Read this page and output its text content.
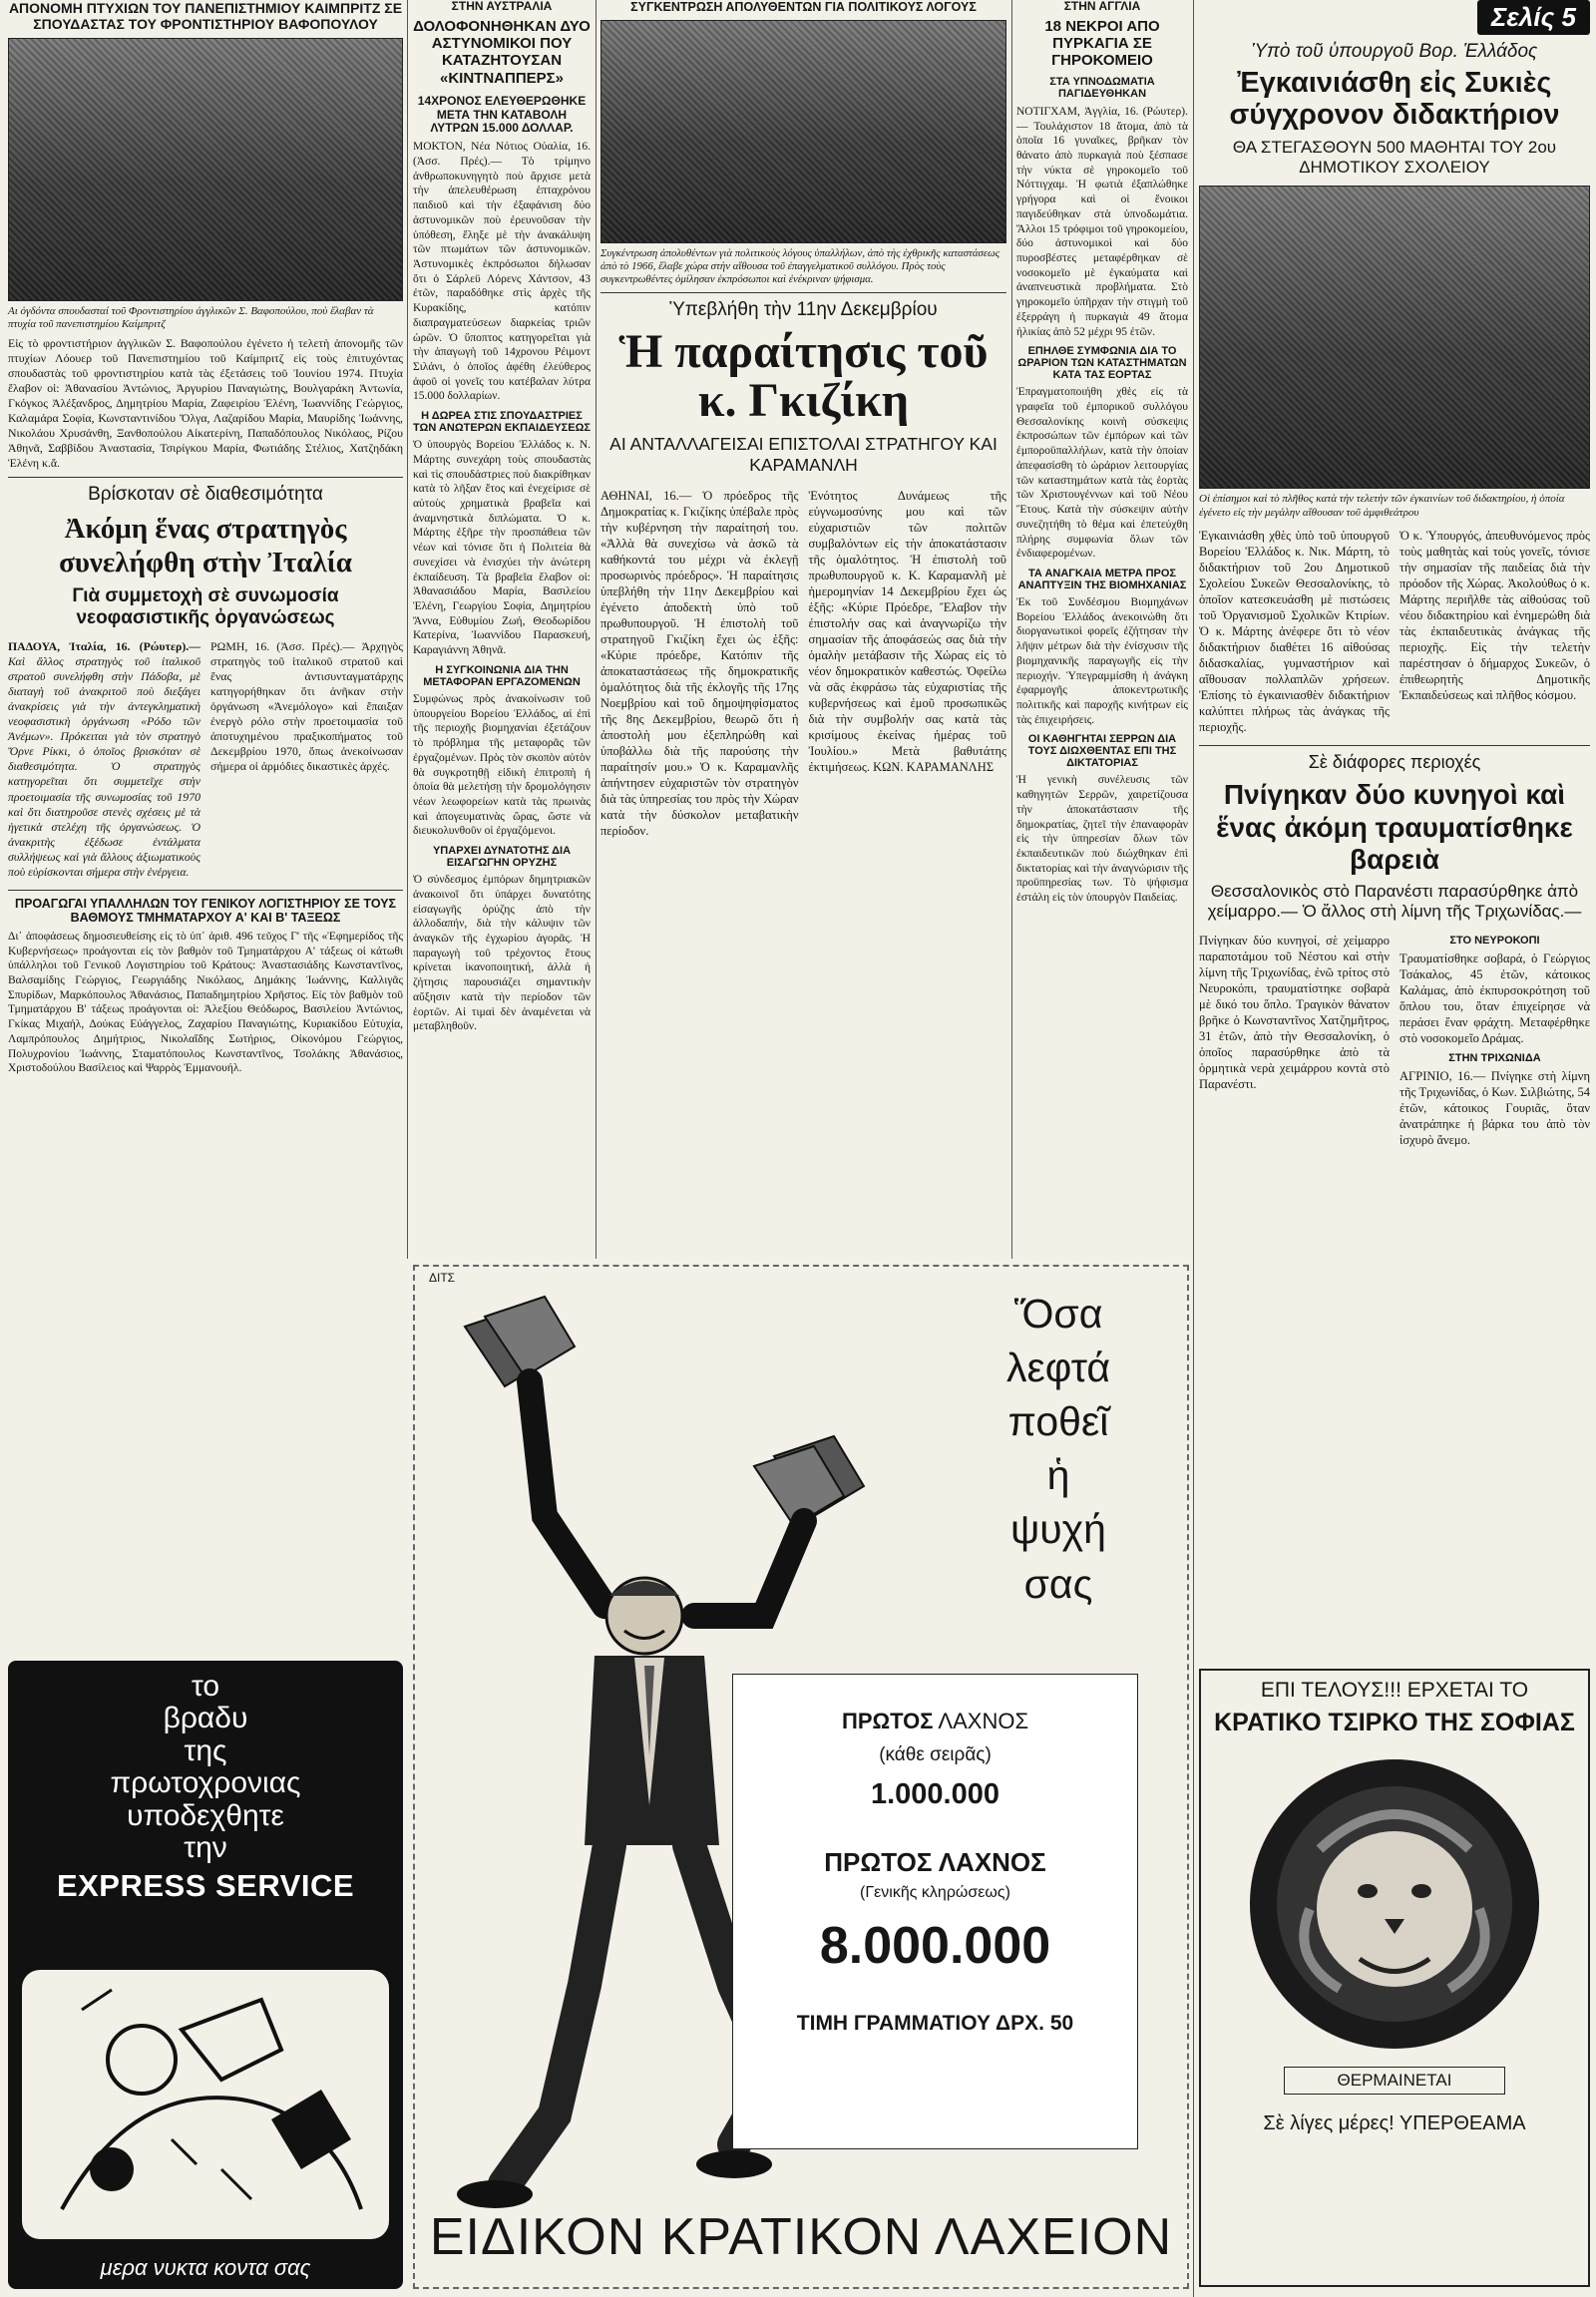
ΑΠΟΝΟΜΗ ΠΤΥΧΙΩΝ ΤΟΥ ΠΑΝΕΠΙΣΤΗΜΙΟΥ ΚΑΙΜΠΡΙΤΖ ΣΕ ΣΠΟΥΔΑΣΤΑΣ ΤΟΥ ΦΡΟΝΤΙΣΤΗΡΙΟΥ ΒΑΦΟΠΟΥΛΟΥ
Αι ὀγδόντα σπουδασταί τοῦ Φροντιστηρίου ἀγγλικῶν Σ. Βαφοπούλου, ποὺ ἔλαβαν τὰ πτυχία τοῦ πανεπιστημίου Καίμπριτζ
Εἰς τὸ φροντιστήριον ἀγγλικῶν Σ. Βαφοπούλου ἐγένετο ἡ τελετὴ ἀπονομῆς τῶν πτυχίων Λόουερ τοῦ Πανεπιστημίου τοῦ Καίμπριτζ εἰς τοὺς ἐπιτυχόντας σπουδαστὰς τοῦ φροντιστηρίου κατὰ τὰς ἐξετάσεις τοῦ Ἰουνίου 1974. Πτυχία ἔλαβον οἱ: Ἀθανασίου Ἀντώνιος, Ἀργυρίου Παναγιώτης, Βουλγαράκη Ἀντωνία, Γκόγκος Ἀλέξανδρος, Δημητρίου Μαρία, Ζαφειρίου Ἑλένη, Ἰωαννίδης Γεώργιος, Καλαμάρα Σοφία, Κωνσταντινίδου Ὄλγα, Λαζαρίδου Μαρία, Μαυρίδης Ἰωάννης, Νικολάου Χρυσάνθη, Ξανθοπούλου Αἰκατερίνη, Παπαδόπουλος Νικόλαος, Ρίζου Ἀθηνᾶ, Σαββίδου Ἀναστασία, Τσιρίγκου Μαρία, Φωτιάδης Στέλιος, Χατζηδάκη Ἑλένη κ.ἄ.
Βρίσκοταν σὲ διαθεσιμότητα
Ἀκόμη ἕνας στρατηγὸς συνελήφθη στὴν Ἰταλία
Γιὰ συμμετοχὴ σὲ συνωμοσία νεοφασιστικῆς ὀργανώσεως
ΠΑΔΟΥΑ, Ἰταλία, 16. (Ρώυτερ).— Καὶ ἄλλος στρατηγὸς τοῦ ἰταλικοῦ στρατοῦ συνελήφθη στὴν Πάδοβα, μὲ διαταγὴ τοῦ ἀνακριτοῦ ποὺ διεξάγει ἀνακρίσεις γιὰ τὴν ἀντεγκληματικὴ νεοφασιστικὴ ὀργάνωση «Ρόδο τῶν Ἀνέμων». Πρόκειται γιὰ τὸν στρατηγὸ Ὄρνε Ρίκκι, ὁ ὁποῖος βρισκόταν σὲ διαθεσιμότητα. Ὁ στρατηγὸς κατηγορεῖται ὅτι συμμετεῖχε στὴν προετοιμασία τῆς συνωμοσίας τοῦ 1970 καὶ ὅτι διατηροῦσε στενὲς σχέσεις μὲ τὰ ἡγετικὰ στελέχη τῆς ὀργανώσεως. Ὁ ἀνακριτὴς ἐξέδωσε ἐντάλματα συλλήψεως καὶ γιὰ ἄλλους ἀξιωματικοὺς ποὺ εὑρίσκονται σήμερα στὴν ἐνέργεια.
ΡΩΜΗ, 16. (Ἀσσ. Πρές).— Ἀρχηγὸς στρατηγὸς τοῦ ἰταλικοῦ στρατοῦ καὶ ἕνας ἀντισυνταγματάρχης κατηγορήθηκαν ὅτι ἀνῆκαν στὴν ὀργάνωση «Ἀνεμόλογο» καὶ ἔπαιξαν ἐνεργὸ ρόλο στὴν προετοιμασία τοῦ ἀποτυχημένου πραξικοπήματος τοῦ Δεκεμβρίου 1970, ὅπως ἀνεκοίνωσαν σήμερα οἱ ἀρμόδιες δικαστικὲς ἀρχές.
ΠΡΟΑΓΩΓΑΙ ΥΠΑΛΛΗΛΩΝ ΤΟΥ ΓΕΝΙΚΟΥ ΛΟΓΙΣΤΗΡΙΟΥ ΣΕ ΤΟΥΣ ΒΑΘΜΟΥΣ ΤΜΗΜΑΤΑΡΧΟΥ Α' ΚΑΙ Β' ΤΑΞΕΩΣ
Δι᾿ ἀποφάσεως δημοσιευθείσης εἰς τὸ ὑπ᾿ ἀριθ. 496 τεῦχος Γ' τῆς «Ἐφημερίδος τῆς Κυβερνήσεως» προάγονται εἰς τὸν βαθμὸν τοῦ Τμηματάρχου Α' τάξεως οἱ κάτωθι ὑπάλληλοι τοῦ Γενικοῦ Λογιστηρίου τοῦ Κράτους: Ἀναστασιάδης Κωνσταντῖνος, Βαλσαμίδης Γεώργιος, Γεωργιάδης Νικόλαος, Δημάκης Ἰωάννης, Καλλιγᾶς Σπυρίδων, Μαρκόπουλος Ἀθανάσιος, Παπαδημητρίου Χρῆστος. Εἰς τὸν βαθμὸν τοῦ Τμηματάρχου Β' τάξεως προάγονται οἱ: Ἀλεξίου Θεόδωρος, Βασιλείου Ἀντώνιος, Γκίκας Μιχαήλ, Δούκας Εὐάγγελος, Ζαχαρίου Παναγιώτης, Κυριακίδου Εὐτυχία, Λαμπρόπουλος Δημήτριος, Νικολαΐδης Σωτήριος, Οἰκονόμου Γεώργιος, Πολυχρονίου Ἰωάννης, Σταματόπουλος Κωνσταντῖνος, Τσολάκης Ἀθανάσιος, Χριστοδούλου Βασίλειος καὶ Ψαρρὸς Ἐμμανουήλ.
το
βραδυ
της
πρωτοχρονιας
υποδεχθητε
την
EXPRESS SERVICE
μερα νυκτα κοντα σας
ΣΤΗΝ ΑΥΣΤΡΑΛΙΑ
ΔΟΛΟΦΟΝΗΘΗΚΑΝ ΔΥΟ ΑΣΤΥΝΟΜΙΚΟΙ ΠΟΥ ΚΑΤΑΖΗΤΟΥΣΑΝ «ΚΙΝΤΝΑΠΠΕΡΣ»
14ΧΡΟΝΟΣ ΕΛΕΥΘΕΡΩΘΗΚΕ ΜΕΤΑ ΤΗΝ ΚΑΤΑΒΟΛΗ ΛΥΤΡΩΝ 15.000 ΔΟΛΛΑΡ.
ΜΟΚΤΟΝ, Νέα Νότιος Οὐαλία, 16. (Ἀσσ. Πρές).— Τὸ τρίμηνο ἀνθρωποκυνηγητὸ ποὺ ἄρχισε μετὰ τὴν ἀπελευθέρωση ἑπταχρόνου παιδιοῦ καὶ τὴν ἐξαφάνιση δύο ἀστυνομικῶν ποὺ ἐρευνοῦσαν τὴν ὑπόθεση, ἔληξε μὲ τὴν ἀνακάλυψη τῶν πτωμάτων τῶν ἀστυνομικῶν. Ἀστυνομικὲς ἐκπρόσωποι δήλωσαν ὅτι ὁ Σάρλεϋ Λόρενς Χάντσον, 43 ἐτῶν, παραδόθηκε στὶς ἀρχὲς τῆς Κυρακίδης, κατόπιν διαπραγματεύσεων διαρκείας τριῶν ὡρῶν. Ὁ ὕποπτος κατηγορεῖται γιὰ τὴν ἀπαγωγὴ τοῦ 14χρονου Ρέιμοντ Σιλάνι, ὁ ὁποῖος ἀφέθη ἐλεύθερος ἀφοῦ οἱ γονεῖς του κατέβαλαν λύτρα 15.000 δολλαρίων.
Η ΔΩΡΕΑ ΣΤΙΣ ΣΠΟΥΔΑΣΤΡΙΕΣ ΤΩΝ ΑΝΩΤΕΡΩΝ ΕΚΠΑΙΔΕΥΣΕΩΣ
Ὁ ὑπουργὸς Βορείου Ἑλλάδος κ. Ν. Μάρτης συνεχάρη τοὺς σπουδαστὰς καὶ τὶς σπουδάστριες ποὺ διακρίθηκαν κατὰ τὸ λῆξαν ἔτος καὶ ἐνεχείρισε σὲ αὐτοὺς χρηματικὰ βραβεῖα καὶ ἀναμνηστικὰ διπλώματα. Ὁ κ. Μάρτης ἐξῆρε τὴν προσπάθεια τῶν νέων καὶ τόνισε ὅτι ἡ Πολιτεία θὰ συνεχίσει νὰ ἐνισχύει τὴν ἀνώτερη ἐκπαίδευση. Τὰ βραβεῖα ἔλαβον οἱ: Ἀθανασιάδου Μαρία, Βασιλείου Ἑλένη, Γεωργίου Σοφία, Δημητρίου Ἄννα, Εὐθυμίου Ζωή, Θεοδωρίδου Κατερίνα, Ἰωαννίδου Παρασκευή, Καραγιάννη Ἀθηνᾶ.
Η ΣΥΓΚΟΙΝΩΝΙΑ ΔΙΑ ΤΗΝ ΜΕΤΑΦΟΡΑΝ ΕΡΓΑΖΟΜΕΝΩΝ
Συμφώνως πρὸς ἀνακοίνωσιν τοῦ ὑπουργείου Βορείου Ἑλλάδος, αἱ ἐπὶ τῆς περιοχῆς βιομηχανίαι ἐξετάζουν τὸ πρόβλημα τῆς μεταφορᾶς τῶν ἐργαζομένων. Πρὸς τὸν σκοπὸν αὐτὸν θὰ συγκροτηθῇ εἰδικὴ ἐπιτροπὴ ἡ ὁποία θὰ μελετήσῃ τὴν δρομολόγησιν νέων λεωφορείων κατὰ τὰς πρωινὰς καὶ ἀπογευματινὰς ὥρας, ὥστε νὰ διευκολυνθοῦν οἱ ἐργαζόμενοι.
ΥΠΑΡΧΕΙ ΔΥΝΑΤΟΤΗΣ ΔΙΑ ΕΙΣΑΓΩΓΗΝ ΟΡΥΖΗΣ
Ὁ σύνδεσμος ἐμπόρων δημητριακῶν ἀνακοινοῖ ὅτι ὑπάρχει δυνατότης εἰσαγωγῆς ὀρύζης ἀπὸ τὴν ἀλλοδαπήν, διὰ τὴν κάλυψιν τῶν ἀναγκῶν τῆς ἐγχωρίου ἀγορᾶς. Ἡ παραγωγὴ τοῦ τρέχοντος ἔτους κρίνεται ἱκανοποιητική, ἀλλὰ ἡ ζήτησις παρουσιάζει σημαντικὴν αὔξησιν κατὰ τὴν περίοδον τῶν ἑορτῶν. Αἱ τιμαὶ δὲν ἀναμένεται νὰ μεταβληθοῦν.
ΣΥΓΚΕΝΤΡΩΣΗ ΑΠΟΛΥΘΕΝΤΩΝ ΓΙΑ ΠΟΛΙΤΙΚΟΥΣ ΛΟΓΟΥΣ
Συγκέντρωση ἀπολυθέντων γιὰ πολιτικοὺς λόγους ὑπαλλήλων, ἀπὸ τὴς ἐχθρικῆς καταστάσεως ἀπὸ τὸ 1966, ἔλαβε χώρα στὴν αἴθουσα τοῦ ἐπαγγελματικοῦ συλλόγου. Πρὸς τοὺς συγκεντρωθέντες ὁμίλησαν ἐκπρόσωποι καὶ ἐνέκριναν ψήφισμα.
Ὑπεβλήθη τὴν 11ην Δεκεμβρίου
Ἡ παραίτησις τοῦ κ. Γκιζίκη
ΑΙ ΑΝΤΑΛΛΑΓΕΙΣΑΙ ΕΠΙΣΤΟΛΑΙ ΣΤΡΑΤΗΓΟΥ ΚΑΙ ΚΑΡΑΜΑΝΛΗ
ΑΘΗΝΑΙ, 16.— Ὁ πρόεδρος τῆς Δημοκρατίας κ. Γκιζίκης ὑπέβαλε πρὸς τὴν κυβέρνηση τὴν παραίτησή του. «Ἀλλὰ θὰ συνεχίσω νὰ ἀσκῶ τὰ καθήκοντά του μέχρι νὰ ἐκλεγῇ προσωρινὸς πρόεδρος». Ἡ παραίτησις ὑπεβλήθη τὴν 11ην Δεκεμβρίου καὶ ἐγένετο ἀποδεκτὴ ὑπὸ τοῦ πρωθυπουργοῦ. Ἡ ἐπιστολὴ τοῦ στρατηγοῦ Γκιζίκη ἔχει ὡς ἑξῆς: «Κύριε πρόεδρε, Κατόπιν τῆς ἀποκαταστάσεως τῆς δημοκρατικῆς ὁμαλότητος διὰ τῆς ἐκλογῆς τῆς 17ης Νοεμβρίου καὶ τοῦ δημοψηφίσματος τῆς 8ης Δεκεμβρίου, θεωρῶ ὅτι ἡ ἀποστολὴ μου ἐξεπληρώθη καὶ ὑποβάλλω διὰ τῆς παρούσης τὴν παραίτησίν μου.» Ὁ κ. Καραμανλῆς ἀπήντησεν εὐχαριστῶν τὸν στρατηγὸν διὰ τὰς ὑπηρεσίας του πρὸς τὴν Χώραν κατὰ τὴν δύσκολον μεταβατικὴν περίοδον.
Ἐνότητος Δυνάμεως τῆς εὐγνωμοσύνης μου καὶ τῶν εὐχαριστιῶν τῶν πολιτῶν συμβαλόντων εἰς τὴν ἀποκατάστασιν τῆς ὁμαλότητος. Ἡ ἐπιστολὴ τοῦ πρωθυπουργοῦ κ. Κ. Καραμανλῆ μὲ ἡμερομηνίαν 14 Δεκεμβρίου ἔχει ὡς ἑξῆς: «Κύριε Πρόεδρε, Ἔλαβον τὴν ἐπιστολήν σας καὶ ἀναγνωρίζω τὴν σημασίαν τῆς ἀποφάσεώς σας διὰ τὴν ὁμαλὴν μετάβασιν τῆς Χώρας εἰς τὸ νέον δημοκρατικὸν καθεστώς. Ὀφείλω νὰ σᾶς ἐκφράσω τὰς εὐχαριστίας τῆς κυβερνήσεως καὶ ἐμοῦ προσωπικῶς διὰ τὴν συμβολήν σας κατὰ τὰς κρισίμους ἐκείνας ἡμέρας τοῦ Ἰουλίου.» Μετὰ βαθυτάτης ἐκτιμήσεως. ΚΩΝ. ΚΑΡΑΜΑΝΛΗΣ
ΣΤΗΝ ΑΓΓΛΙΑ
18 ΝΕΚΡΟΙ ΑΠΟ ΠΥΡΚΑΓΙΑ ΣΕ ΓΗΡΟΚΟΜΕΙΟ
ΣΤΑ ΥΠΝΟΔΩΜΑΤΙΑ ΠΑΓΙΔΕΥΘΗΚΑΝ
ΝΟΤΙΓΧΑΜ, Ἀγγλία, 16. (Ρώυτερ).— Τουλάχιστον 18 ἄτομα, ἀπὸ τὰ ὁποῖα 16 γυναῖκες, βρῆκαν τὸν θάνατο ἀπὸ πυρκαγιὰ ποὺ ξέσπασε τὴν νύκτα σὲ γηροκομεῖο τοῦ Νόττιγχαμ. Ἡ φωτιὰ ἐξαπλώθηκε γρήγορα καὶ οἱ ἔνοικοι παγιδεύθηκαν στὰ ὑπνοδωμάτια. Ἄλλοι 15 τρόφιμοι τοῦ γηροκομείου, δύο ἀστυνομικοὶ καὶ δύο πυροσβέστες μεταφέρθηκαν σὲ νοσοκομεῖο μὲ ἐγκαύματα καὶ ἀναπνευστικὰ προβλήματα. Στὸ γηροκομεῖο ὑπῆρχαν τὴν στιγμὴ τοῦ ἐξερράγη ἡ πυρκαγιὰ 49 ἄτομα ἡλικίας ἀπὸ 52 μέχρι 95 ἐτῶν.
ΕΠΗΛΘΕ ΣΥΜΦΩΝΙΑ ΔΙΑ ΤΟ ΩΡΑΡΙΟΝ ΤΩΝ ΚΑΤΑΣΤΗΜΑΤΩΝ ΚΑΤΑ ΤΑΣ ΕΟΡΤΑΣ
Ἐπραγματοποιήθη χθὲς εἰς τὰ γραφεῖα τοῦ ἐμπορικοῦ συλλόγου Θεσσαλονίκης κοινὴ σύσκεψις ἐκπροσώπων τῶν ἐμπόρων καὶ τῶν ἐμποροϋπαλλήλων, κατὰ τὴν ὁποίαν ἀπεφασίσθη τὸ ὡράριον λειτουργίας τῶν καταστημάτων κατὰ τὰς ἑορτὰς τῶν Χριστουγέννων καὶ τοῦ Νέου Ἔτους. Κατὰ τὴν σύσκεψιν αὐτὴν συνεζητήθη τὸ θέμα καὶ ἐπετεύχθη πλήρης συμφωνία ὅλων τῶν ἐνδιαφερομένων.
ΤΑ ΑΝΑΓΚΑΙΑ ΜΕΤΡΑ ΠΡΟΣ ΑΝΑΠΤΥΞΙΝ ΤΗΣ ΒΙΟΜΗΧΑΝΙΑΣ
Ἐκ τοῦ Συνδέσμου Βιομηχάνων Βορείου Ἑλλάδος ἀνεκοινώθη ὅτι διοργανωτικοὶ φορεῖς ἐζήτησαν τὴν λῆψιν μέτρων διὰ τὴν ἐνίσχυσιν τῆς βιομηχανικῆς παραγωγῆς εἰς τὴν περιοχήν. Ὑπεγραμμίσθη ἡ ἀνάγκη ἐφαρμογῆς ἀποκεντρωτικῆς πολιτικῆς καὶ παροχῆς κινήτρων εἰς τὰς ἐπιχειρήσεις.
ΟΙ ΚΑΘΗΓΗΤΑΙ ΣΕΡΡΩΝ ΔΙΑ ΤΟΥΣ ΔΙΩΧΘΕΝΤΑΣ ΕΠΙ ΤΗΣ ΔΙΚΤΑΤΟΡΙΑΣ
Ἡ γενικὴ συνέλευσις τῶν καθηγητῶν Σερρῶν, χαιρετίζουσα τὴν ἀποκατάστασιν τῆς δημοκρατίας, ζητεῖ τὴν ἐπαναφορὰν εἰς τὴν ὑπηρεσίαν ὅλων τῶν ἐκπαιδευτικῶν ποὺ διώχθηκαν ἐπὶ δικτατορίας καὶ τὴν ἀναγνώρισιν τῆς προϋπηρεσίας των. Τὸ ψήφισμα ἐστάλη εἰς τὸν ὑπουργὸν Παιδείας.
Σελίς 5
Ὑπὸ τοῦ ὑπουργοῦ Βορ. Ἑλλάδος
Ἐγκαινιάσθη εἰς Συκιὲς σύγχρονον διδακτήριον
ΘΑ ΣΤΕΓΑΣΘΟΥΝ 500 ΜΑΘΗΤΑΙ ΤΟΥ 2ου ΔΗΜΟΤΙΚΟΥ ΣΧΟΛΕΙΟΥ
Οἱ ἐπίσημοι καὶ τὸ πλῆθος κατὰ τὴν τελετὴν τῶν ἐγκαινίων τοῦ διδακτηρίου, ἡ ὁποία ἐγένετο εἰς τὴν μεγάλην αἴθουσαν τοῦ ἀμφιθεάτρου
Ἐγκαινιάσθη χθὲς ὑπὸ τοῦ ὑπουργοῦ Βορείου Ἑλλάδος κ. Νικ. Μάρτη, τὸ διδακτήριον τοῦ 2ου Δημοτικοῦ Σχολείου Συκεῶν Θεσσαλονίκης, τὸ ὁποῖον κατεσκευάσθη μὲ πιστώσεις τοῦ Ὀργανισμοῦ Σχολικῶν Κτιρίων. Ὁ κ. Μάρτης ἀνέφερε ὅτι τὸ νέον διδακτήριον διαθέτει 16 αἰθούσας διδασκαλίας, γυμναστήριον καὶ αἴθουσαν πολλαπλῶν χρήσεων. Ἐπίσης τὸ ἐγκαινιασθὲν διδακτήριον καλύπτει πλήρως τὰς ἀνάγκας τῆς περιοχῆς.
Ὁ κ. Ὑπουργός, ἀπευθυνόμενος πρὸς τοὺς μαθητὰς καὶ τοὺς γονεῖς, τόνισε τὴν σημασίαν τῆς παιδείας διὰ τὴν πρόοδον τῆς Χώρας. Ἀκολούθως ὁ κ. Μάρτης περιῆλθε τὰς αἰθούσας τοῦ νέου διδακτηρίου καὶ ἐνημερώθη διὰ τὰς ἐκπαιδευτικὰς ἀνάγκας τῆς περιοχῆς. Εἰς τὴν τελετὴν παρέστησαν ὁ δήμαρχος Συκεῶν, ὁ ἐπιθεωρητὴς Δημοτικῆς Ἐκπαιδεύσεως καὶ πλῆθος κόσμου.
Σὲ διάφορες περιοχές
Πνίγηκαν δύο κυνηγοὶ καὶ ἕνας ἀκόμη τραυματίσθηκε βαρειὰ
Θεσσαλονικὸς στὸ Παρανέστι παρασύρθηκε ἀπὸ χείμαρρο.— Ὁ ἄλλος στὴ λίμνη τῆς Τριχωνίδας.—
Πνίγηκαν δύο κυνηγοί, σὲ χείμαρρο παραποτάμου τοῦ Νέστου καὶ στὴν λίμνη τῆς Τριχωνίδας, ἐνῶ τρίτος στὸ Νευροκόπι, τραυματίστηκε σοβαρὰ μὲ δικό του ὅπλο. Τραγικὸν θάνατον βρῆκε ὁ Κωνσταντῖνος Χατζημῆτρος, 31 ἐτῶν, ἀπὸ τὴν Θεσσαλονίκη, ὁ ὁποῖος παρασύρθηκε ἀπὸ τὰ ὁρμητικὰ νερὰ χειμάρρου κοντὰ στὸ Παρανέστι.
ΣΤΟ ΝΕΥΡΟΚΟΠΙ
Τραυματίσθηκε σοβαρά, ὁ Γεώργιος Τσάκαλος, 45 ἐτῶν, κάτοικος Καλάμας, ἀπὸ ἐκπυρσοκρότηση τοῦ ὅπλου του, ὅταν ἐπιχείρησε νὰ περάσει ἕναν φράχτη. Μεταφέρθηκε στὸ νοσοκομεῖο Δράμας.
ΣΤΗΝ ΤΡΙΧΩΝΙΔΑ
ΑΓΡΙΝΙΟ, 16.— Πνίγηκε στὴ λίμνη τῆς Τριχωνίδας, ὁ Κων. Σιλβιώτης, 54 ἐτῶν, κάτοικος Γουριᾶς, ὅταν ἀνατράπηκε ἡ βάρκα του ἀπὸ τὸν ἰσχυρὸ ἄνεμο.
ΕΠΙ ΤΕΛΟΥΣ!!! ΕΡΧΕΤΑΙ ΤΟ
ΚΡΑΤΙΚΟ ΤΣΙΡΚΟ ΤΗΣ ΣΟΦΙΑΣ
ΘΕΡΜΑΙΝΕΤΑΙ
Σὲ λίγες μέρες! ΥΠΕΡΘΕΑΜΑ
ΔΙΤΣ
Ὅσα
λεφτά
ποθεῖ
ἡ
ψυχή
σας
ΠΡΩΤΟΣ ΛΑΧΝΟΣ
(κάθε σειρᾶς)
1.000.000
ΠΡΩΤΟΣ ΛΑΧΝΟΣ
(Γενικῆς κληρώσεως)
8.000.000
ΤΙΜΗ ΓΡΑΜΜΑΤΙΟΥ ΔΡΧ. 50
ΕΙΔΙΚΟΝ ΚΡΑΤΙΚΟΝ ΛΑΧΕΙΟΝ
